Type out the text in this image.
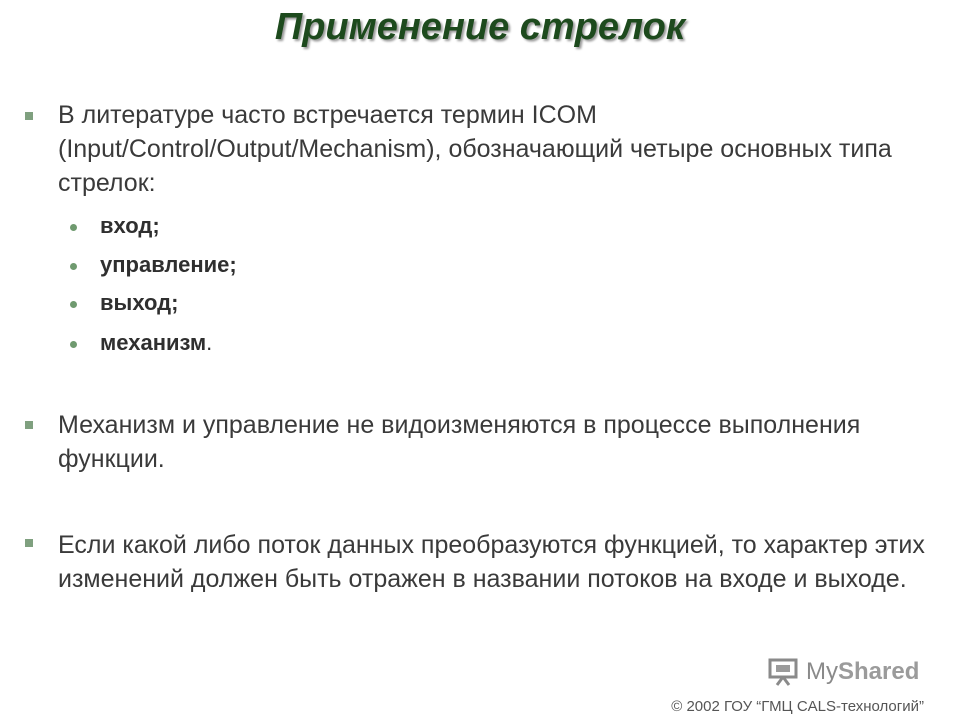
Применение стрелок
В литературе часто встречается термин ICOM (Input/Control/Output/Mechanism), обозначающий четыре основных типа стрелок:
вход;
управление;
выход;
механизм.
Механизм и управление не видоизменяются в процессе выполнения функции.
Если какой либо поток данных преобразуются функцией, то характер этих изменений должен быть отражен в названии потоков на входе и выходе.
MyShared
© 2002 ГОУ “ГМЦ CALS-технологий”
